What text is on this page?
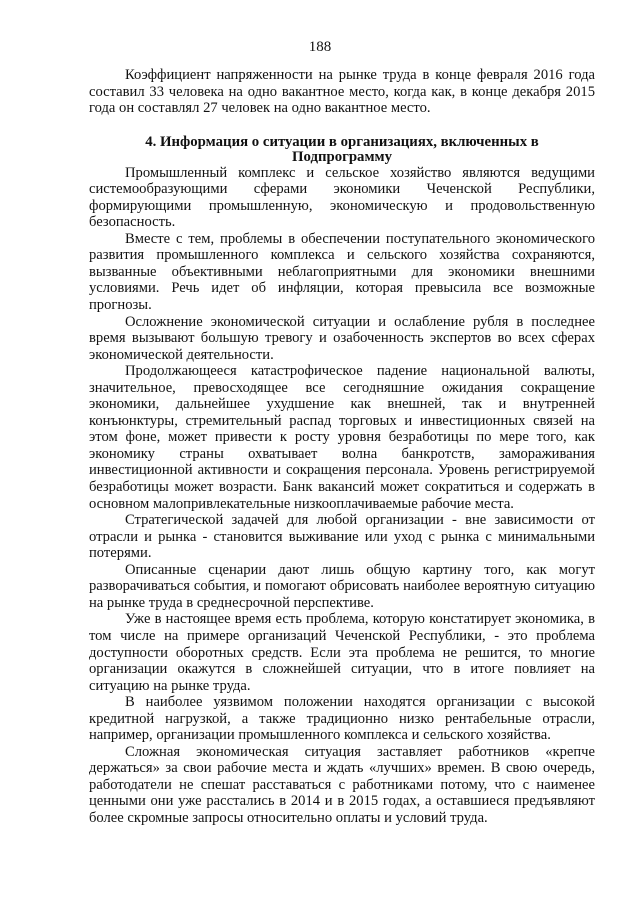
188

Коэффициент напряженности на рынке труда в конце февраля 2016 года составил 33 человека на одно вакантное место, когда как, в конце декабря 2015 года он составлял 27 человек на одно вакантное место.

4. Информация о ситуации в организациях, включенных в Подпрограмму

Промышленный комплекс и сельское хозяйство являются ведущими системообразующими сферами экономики Чеченской Республики, формирующими промышленную, экономическую и продовольственную безопасность.

Вместе с тем, проблемы в обеспечении поступательного экономического развития промышленного комплекса и сельского хозяйства сохраняются, вызванные объективными неблагоприятными для экономики внешними условиями. Речь идет об инфляции, которая превысила все возможные прогнозы.

Осложнение экономической ситуации и ослабление рубля в последнее время вызывают большую тревогу и озабоченность экспертов во всех сферах экономической деятельности.

Продолжающееся катастрофическое падение национальной валюты, значительное, превосходящее все сегодняшние ожидания сокращение экономики, дальнейшее ухудшение как внешней, так и внутренней конъюнктуры, стремительный распад торговых и инвестиционных связей на этом фоне, может привести к росту уровня безработицы по мере того, как экономику страны охватывает волна банкротств, замораживания инвестиционной активности и сокращения персонала. Уровень регистрируемой безработицы может возрасти. Банк вакансий может сократиться и содержать в основном малопривлекательные низкооплачиваемые рабочие места.

Стратегической задачей для любой организации - вне зависимости от отрасли и рынка - становится выживание или уход с рынка с минимальными потерями.

Описанные сценарии дают лишь общую картину того, как могут разворачиваться события, и помогают обрисовать наиболее вероятную ситуацию на рынке труда в среднесрочной перспективе.

Уже в настоящее время есть проблема, которую констатирует экономика, в том числе на примере организаций Чеченской Республики, - это проблема доступности оборотных средств. Если эта проблема не решится, то многие организации окажутся в сложнейшей ситуации, что в итоге повлияет на ситуацию на рынке труда.

В наиболее уязвимом положении находятся организации с высокой кредитной нагрузкой, а также традиционно низко рентабельные отрасли, например, организации промышленного комплекса и сельского хозяйства.

Сложная экономическая ситуация заставляет работников «крепче держаться» за свои рабочие места и ждать «лучших» времен. В свою очередь, работодатели не спешат расставаться с работниками потому, что с наименее ценными они уже расстались в 2014 и в 2015 годах, а оставшиеся предъявляют более скромные запросы относительно оплаты и условий труда.
